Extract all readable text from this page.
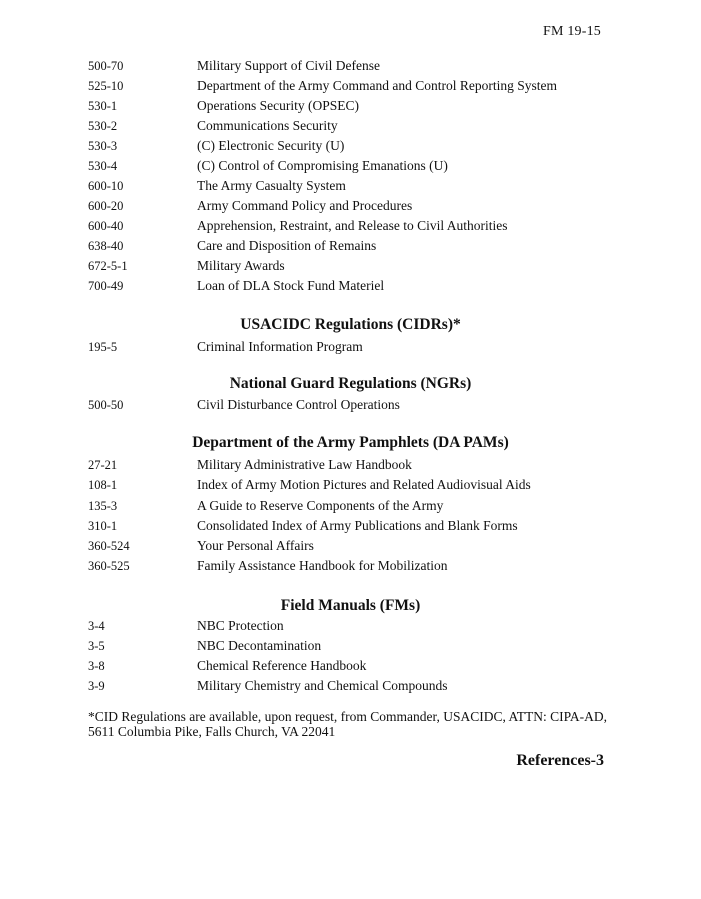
FM 19-15
500-70	Military Support of Civil Defense
525-10	Department of the Army Command and Control Reporting System
530-1	Operations Security (OPSEC)
530-2	Communications Security
530-3	(C) Electronic Security (U)
530-4	(C) Control of Compromising Emanations (U)
600-10	The Army Casualty System
600-20	Army Command Policy and Procedures
600-40	Apprehension, Restraint, and Release to Civil Authorities
638-40	Care and Disposition of Remains
672-5-1	Military Awards
700-49	Loan of DLA Stock Fund Materiel
USACIDC Regulations (CIDRs)*
195-5	Criminal Information Program
National Guard Regulations (NGRs)
500-50	Civil Disturbance Control Operations
Department of the Army Pamphlets (DA PAMs)
27-21	Military Administrative Law Handbook
108-1	Index of Army Motion Pictures and Related Audiovisual Aids
135-3	A Guide to Reserve Components of the Army
310-1	Consolidated Index of Army Publications and Blank Forms
360-524	Your Personal Affairs
360-525	Family Assistance Handbook for Mobilization
Field Manuals (FMs)
3-4	NBC Protection
3-5	NBC Decontamination
3-8	Chemical Reference Handbook
3-9	Military Chemistry and Chemical Compounds
*CID Regulations are available, upon request, from Commander, USACIDC, ATTN: CIPA-AD,
5611 Columbia Pike, Falls Church, VA 22041
References-3
